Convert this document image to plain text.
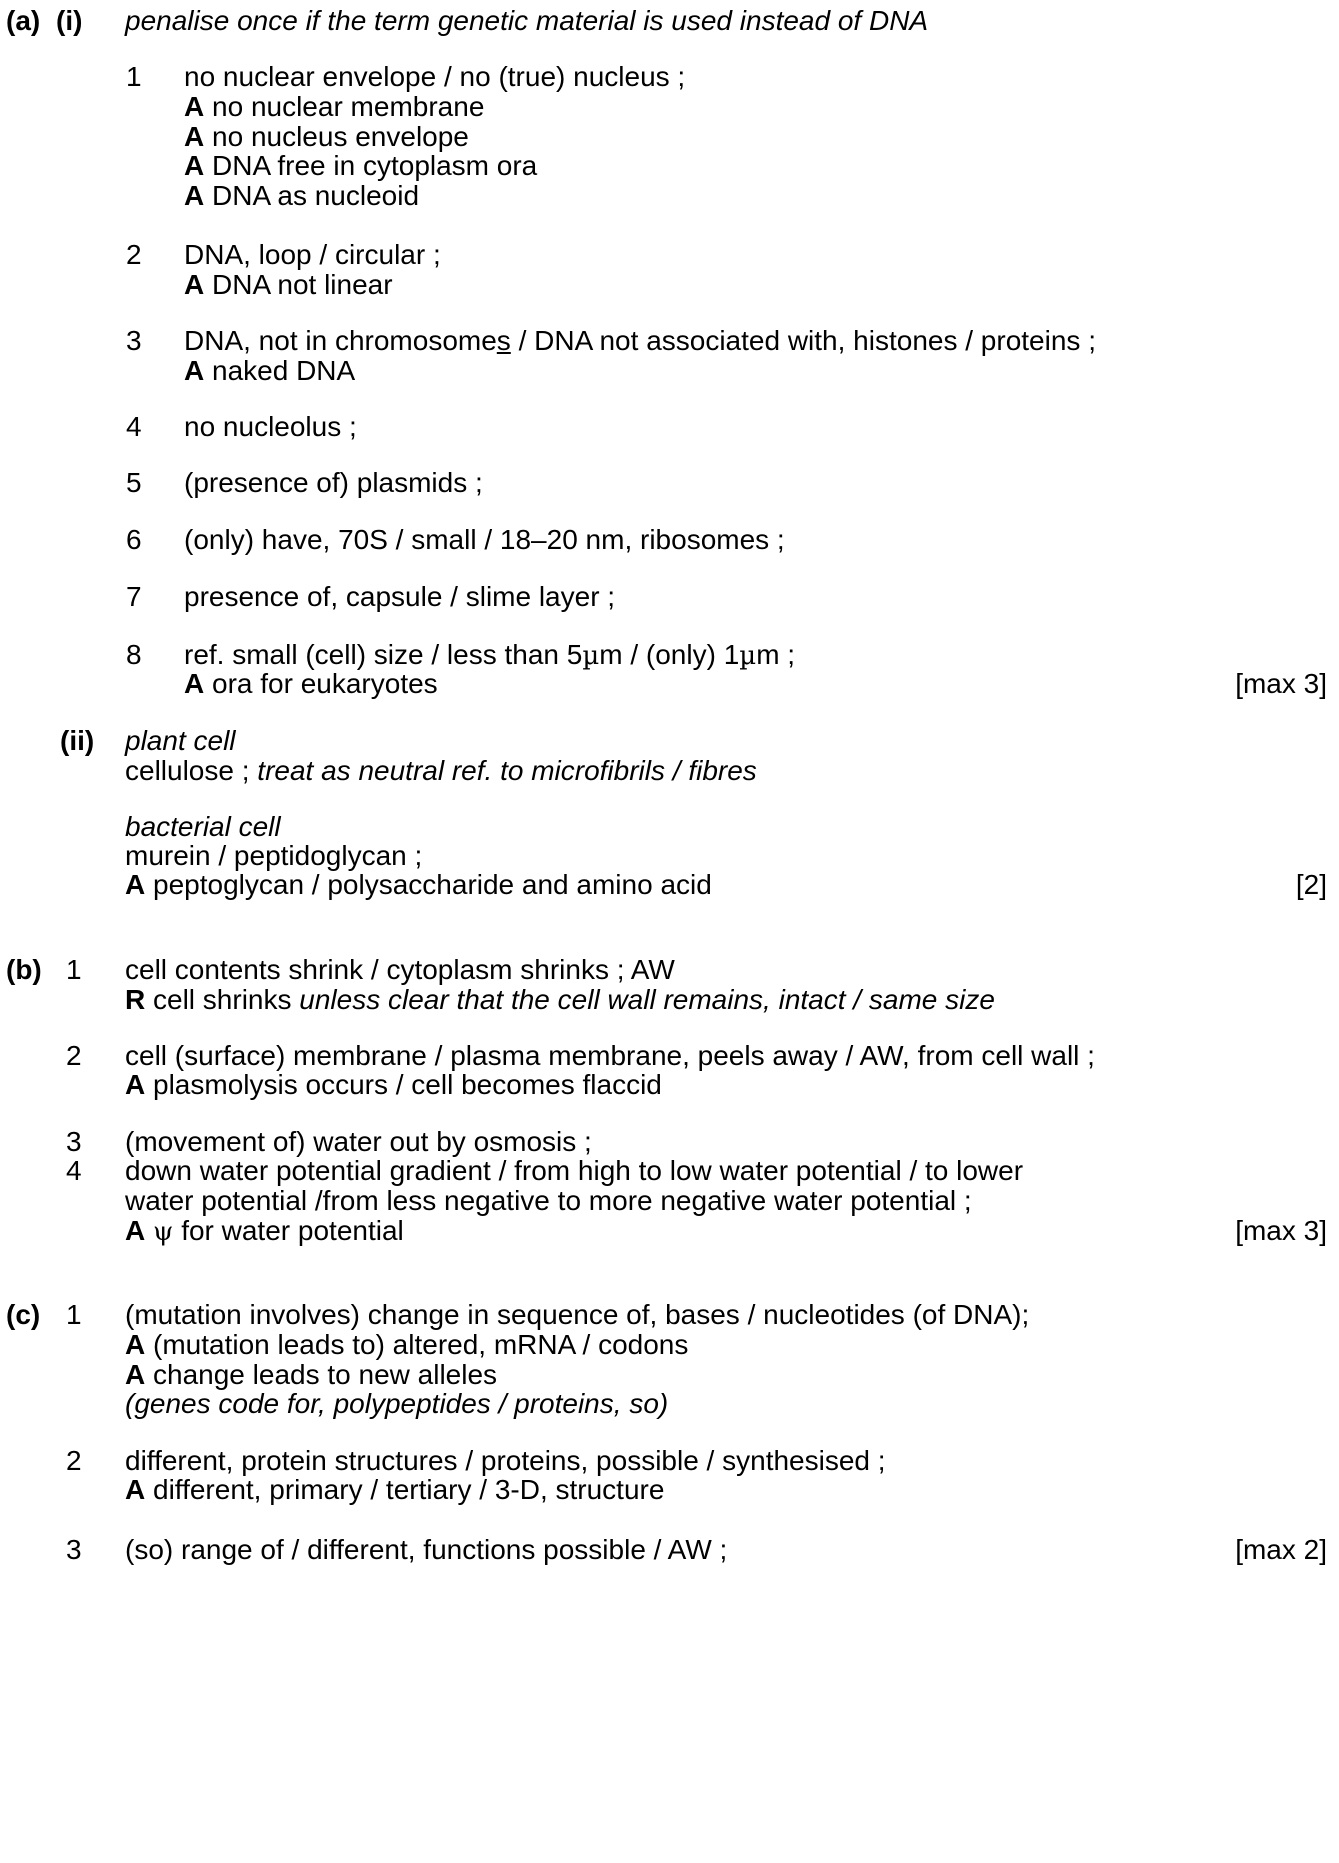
(a) (i) penalise once if the term genetic material is used instead of DNA
1 no nuclear envelope / no (true) nucleus ;
A no nuclear membrane
A no nucleus envelope
A DNA free in cytoplasm ora
A DNA as nucleoid
2 DNA, loop / circular ;
A DNA not linear
3 DNA, not in chromosomes / DNA not associated with, histones / proteins ;
A naked DNA
4 no nucleolus ;
5 (presence of) plasmids ;
6 (only) have, 70S / small / 18–20 nm, ribosomes ;
7 presence of, capsule / slime layer ;
8 ref. small (cell) size / less than 5µm / (only) 1µm ;
A ora for eukaryotes	[max 3]
(ii) plant cell
cellulose ; treat as neutral ref. to microfibrils / fibres
bacterial cell
murein / peptidoglycan ;
A peptoglycan / polysaccharide and amino acid	[2]
(b) 1 cell contents shrink / cytoplasm shrinks ; AW
R cell shrinks unless clear that the cell wall remains, intact / same size
2 cell (surface) membrane / plasma membrane, peels away / AW, from cell wall ;
A plasmolysis occurs / cell becomes flaccid
3 (movement of) water out by osmosis ;
4 down water potential gradient / from high to low water potential / to lower
water potential /from less negative to more negative water potential ;
A ψ for water potential	[max 3]
(c) 1 (mutation involves) change in sequence of, bases / nucleotides (of DNA);
A (mutation leads to) altered, mRNA / codons
A change leads to new alleles
(genes code for, polypeptides / proteins, so)
2 different, protein structures / proteins, possible / synthesised ;
A different, primary / tertiary / 3-D, structure
3 (so) range of / different, functions possible / AW ;	[max 2]
